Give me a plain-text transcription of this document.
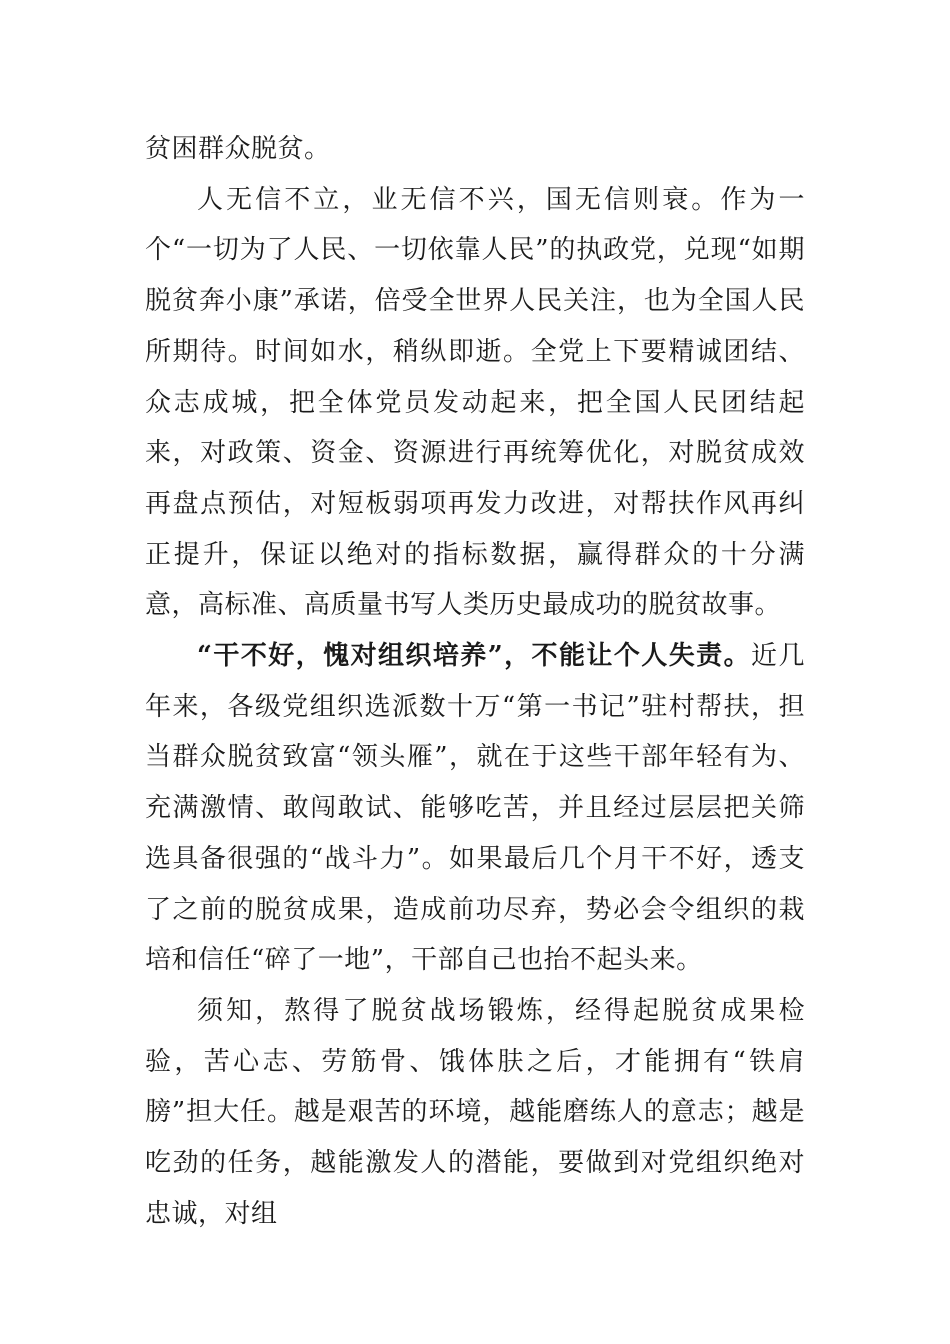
贫困群众脱贫。

人无信不立，业无信不兴，国无信则衰。作为一个“一切为了人民、一切依靠人民”的执政党，兑现“如期脱贫奔小康”承诺，倍受全世界人民关注，也为全国人民所期待。时间如水，稍纵即逝。全党上下要精诚团结、众志成城，把全体党员发动起来，把全国人民团结起来，对政策、资金、资源进行再统筹优化，对脱贫成效再盘点预估，对短板弱项再发力改进，对帮扶作风再纠正提升，保证以绝对的指标数据，赢得群众的十分满意，高标准、高质量书写人类历史最成功的脱贫故事。

“干不好，愧对组织培养”，不能让个人失责。近几年来，各级党组织选派数十万“第一书记”驻村帮扶，担当群众脱贫致富“领头雁”，就在于这些干部年轻有为、充满激情、敢闯敢试、能够吃苦，并且经过层层把关筛选具备很强的“战斗力”。如果最后几个月干不好，透支了之前的脱贫成果，造成前功尽弃，势必会令组织的栽培和信任“碎了一地”，干部自己也抬不起头来。

须知，熬得了脱贫战场锻炼，经得起脱贫成果检验，苦心志、劳筋骨、饿体肤之后，才能拥有“铁肩膀”担大任。越是艰苦的环境，越能磨练人的意志；越是吃劲的任务，越能激发人的潜能，要做到对党组织绝对忠诚，对组
